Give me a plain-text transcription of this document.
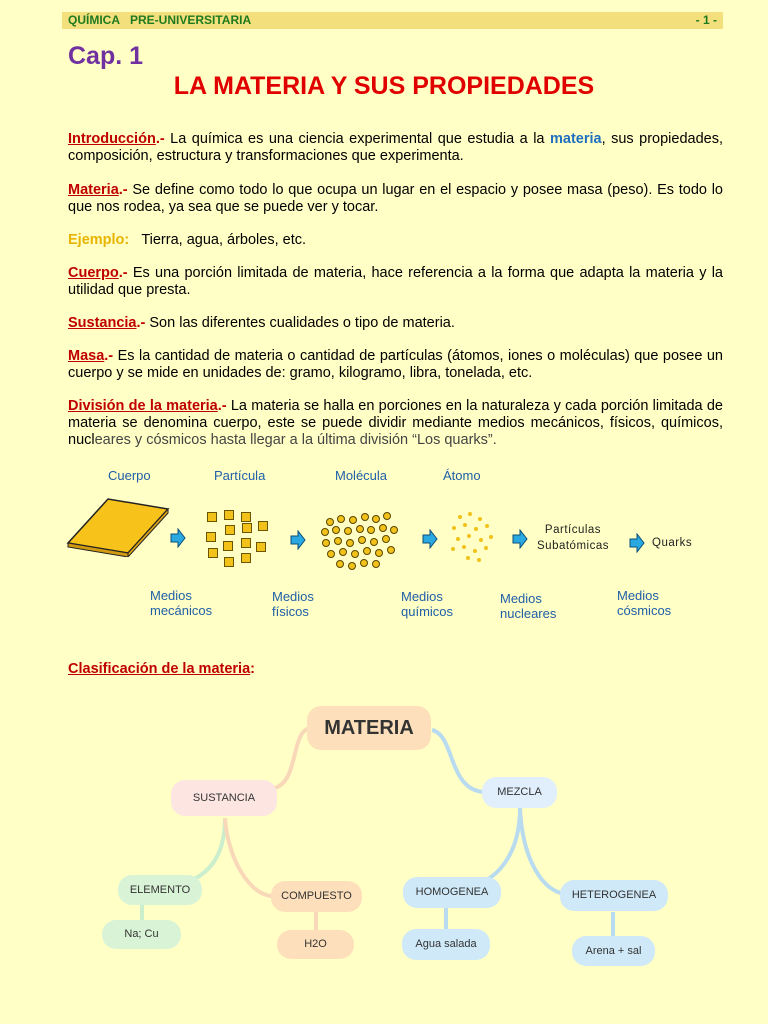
QUÍMICA PRE-UNIVERSITARIA	- 1 -
Cap. 1
LA MATERIA Y SUS PROPIEDADES
Introducción.- La química es una ciencia experimental que estudia a la materia, sus propiedades, composición, estructura y transformaciones que experimenta.
Materia.- Se define como todo lo que ocupa un lugar en el espacio y posee masa (peso). Es todo lo que nos rodea, ya sea que se puede ver y tocar.
Ejemplo: Tierra, agua, árboles, etc.
Cuerpo.- Es una porción limitada de materia, hace referencia a la forma que adapta la materia y la utilidad que presta.
Sustancia.- Son las diferentes cualidades o tipo de materia.
Masa.- Es la cantidad de materia o cantidad de partículas (átomos, iones o moléculas) que posee un cuerpo y se mide en unidades de: gramo, kilogramo, libra, tonelada, etc.
División de la materia.- La materia se halla en porciones en la naturaleza y cada porción limitada de materia se denomina cuerpo, este se puede dividir mediante medios mecánicos, físicos, químicos, nucleares y cósmicos hasta llegar a la última división “Los quarks”.
Cuerpo	Partícula	Molécula	Átomo
Partículas
Subatómicas	Quarks
Medios
mecánicos
Medios
físicos
Medios
químicos
Medios
nucleares
Medios
cósmicos
Clasificación de la materia:
MATERIA
SUSTANCIA	MEZCLA
ELEMENTO	COMPUESTO	HOMOGENEA	HETEROGENEA
Na; Cu
H2O	Agua salada
Arena + sal
